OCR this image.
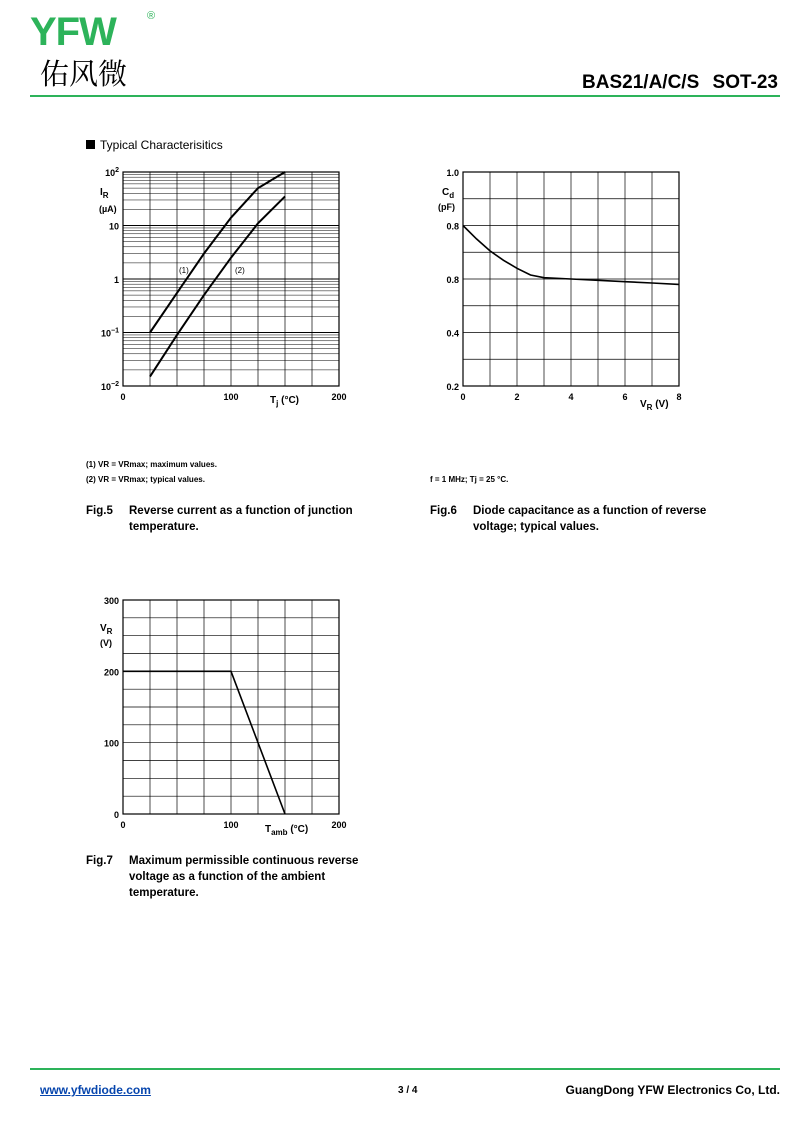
YFW	®
佑风微	BAS21/A/C/S SOT-23
Typical Characterisitics
$10^{-2}$
$10^{-1}$
1
10
$10^2$
0	100	200
$I_R$
(µA)
$T_j$ (°C)
(1)	(2)
0.2
0.4
0.8
0.8
1.0
0	2	4	6	8
$C_d$
(pF)
$V_R$ (V)
0
100
200
300
0	100	200
$V_R$
(V)
$T_{amb}$ (°C)
(1) VR = VRmax; maximum values.
(2) VR = VRmax; typical values.	f = 1 MHz; Tj = 25 °C.
Fig.5 Reverse current as a function of junction
temperature.
Fig.6 Diode capacitance as a function of reverse
voltage; typical values.
Fig.7 Maximum permissible continuous reverse
voltage as a function of the ambient
temperature.
www.yfwdiode.com	3 / 4	GuangDong YFW Electronics Co, Ltd.
